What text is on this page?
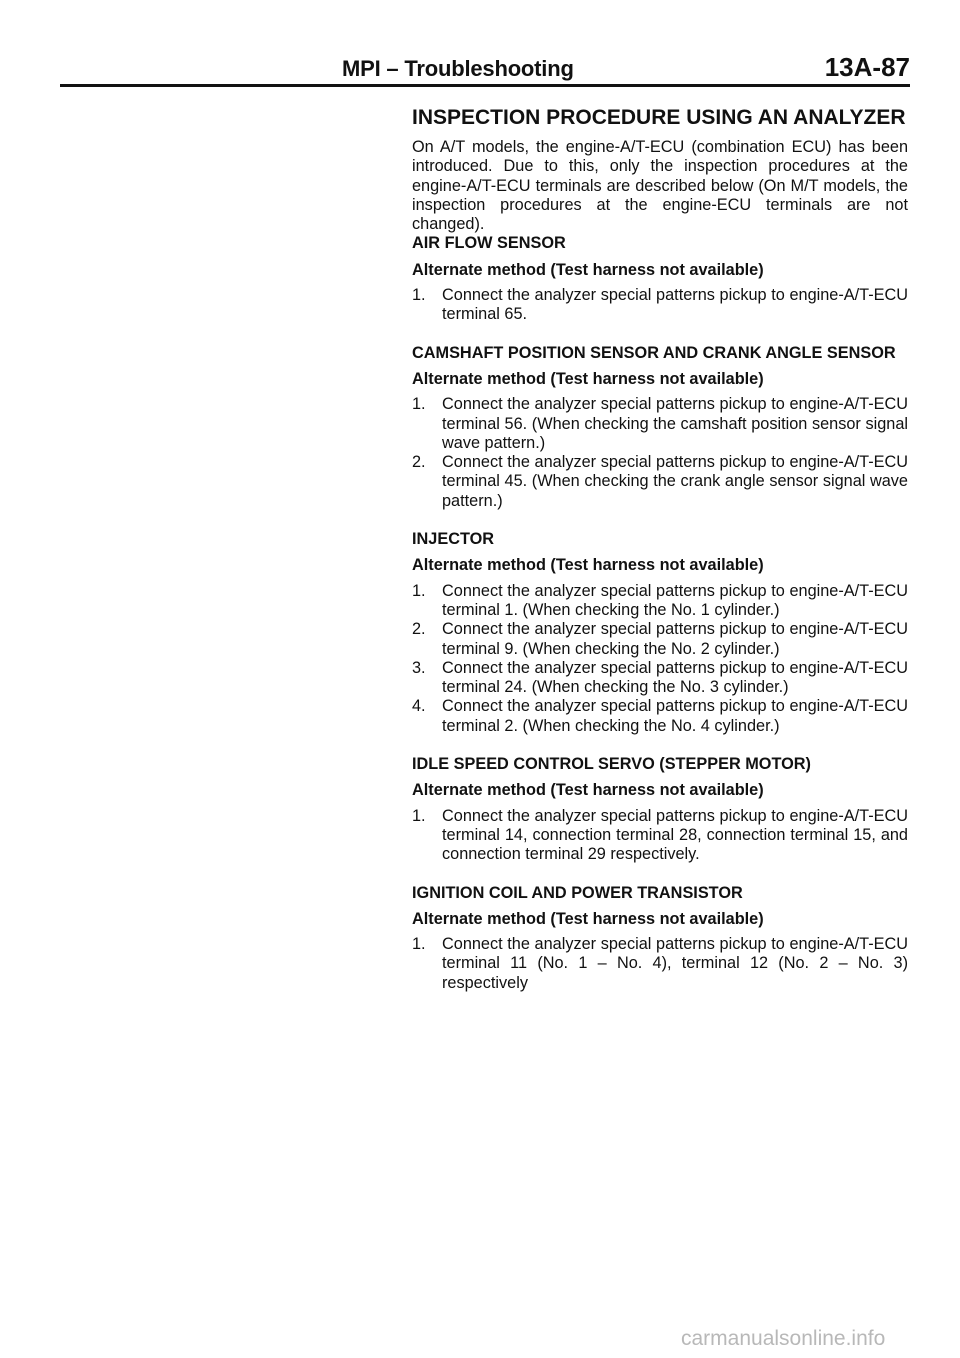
MPI – Troubleshooting	13A-87
INSPECTION PROCEDURE USING AN ANALYZER

On A/T models, the engine-A/T-ECU (combination ECU) has been introduced. Due to this, only the inspection procedures at the engine-A/T-ECU terminals are described below (On M/T models, the inspection procedures at the engine-ECU terminals are not changed).

AIR FLOW SENSOR
Alternate method (Test harness not available)
1. Connect the analyzer special patterns pickup to engine-A/T-ECU terminal 65.
CAMSHAFT POSITION SENSOR AND CRANK ANGLE SENSOR
Alternate method (Test harness not available)
1. Connect the analyzer special patterns pickup to engine-A/T-ECU terminal 56. (When checking the camshaft position sensor signal wave pattern.)
2. Connect the analyzer special patterns pickup to engine-A/T-ECU terminal 45. (When checking the crank angle sensor signal wave pattern.)
INJECTOR
Alternate method (Test harness not available)
1. Connect the analyzer special patterns pickup to engine-A/T-ECU terminal 1. (When checking the No. 1 cylinder.)
2. Connect the analyzer special patterns pickup to engine-A/T-ECU terminal 9. (When checking the No. 2 cylinder.)
3. Connect the analyzer special patterns pickup to engine-A/T-ECU terminal 24. (When checking the No. 3 cylinder.)
4. Connect the analyzer special patterns pickup to engine-A/T-ECU terminal 2. (When checking the No. 4 cylinder.)
IDLE SPEED CONTROL SERVO (STEPPER MOTOR)
Alternate method (Test harness not available)
1. Connect the analyzer special patterns pickup to engine-A/T-ECU terminal 14, connection terminal 28, connection terminal 15, and connection terminal 29 respectively.
IGNITION COIL AND POWER TRANSISTOR
Alternate method (Test harness not available)
1. Connect the analyzer special patterns pickup to engine-A/T-ECU terminal 11 (No. 1 – No. 4), terminal 12 (No. 2 – No. 3) respectively
carmanualsonline.info
